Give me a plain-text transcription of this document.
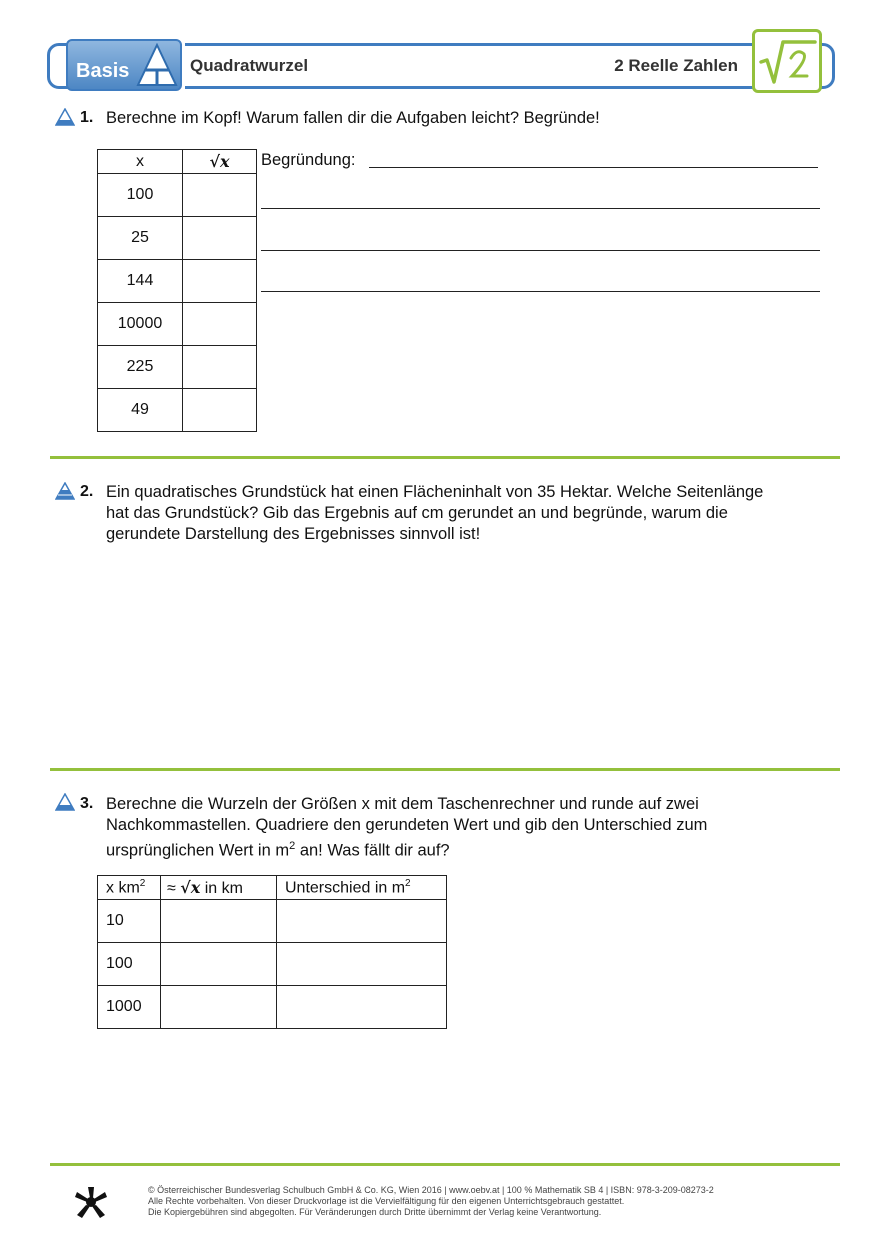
Basis	Quadratwurzel	2 Reelle Zahlen
1. Berechne im Kopf! Warum fallen dir die Aufgaben leicht? Begründe!
x	√x
100	
25	
144	
10000	
225	
49	
Begründung:
2. Ein quadratisches Grundstück hat einen Flächeninhalt von 35 Hektar. Welche Seitenlänge
hat das Grundstück? Gib das Ergebnis auf cm gerundet an und begründe, warum die
gerundete Darstellung des Ergebnisses sinnvoll ist!
3. Berechne die Wurzeln der Größen x mit dem Taschenrechner und runde auf zwei
Nachkommastellen. Quadriere den gerundeten Wert und gib den Unterschied zum
ursprünglichen Wert in $m^2$ an! Was fällt dir auf?
x $km^2$	≈ √x in km	Unterschied in $m^2$
10		
100		
1000		
© Österreichischer Bundesverlag Schulbuch GmbH & Co. KG, Wien 2016 | www.oebv.at | 100 % Mathematik SB 4 | ISBN: 978-3-209-08273-2
Alle Rechte vorbehalten. Von dieser Druckvorlage ist die Vervielfältigung für den eigenen Unterrichtsgebrauch gestattet.
Die Kopiergebühren sind abgegolten. Für Veränderungen durch Dritte übernimmt der Verlag keine Verantwortung.
